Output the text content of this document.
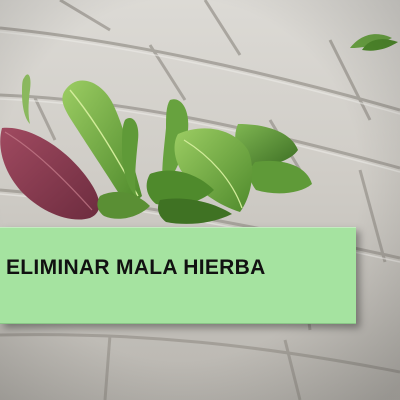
ELIMINAR MALA HIERBA
